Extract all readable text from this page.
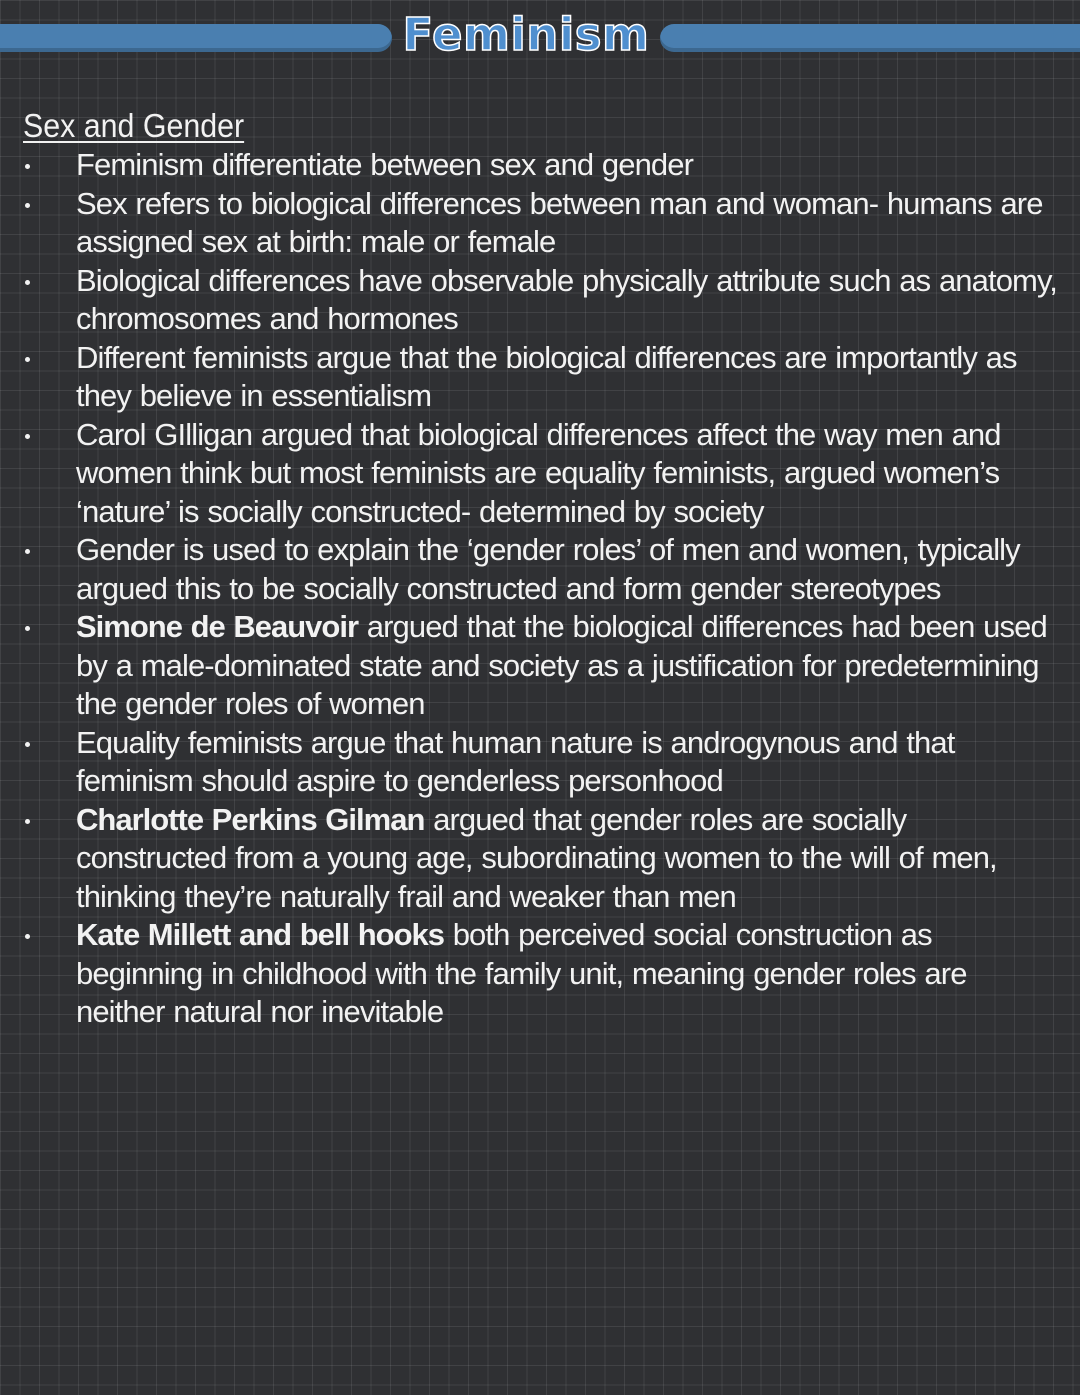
Feminism
Sex and Gender
Feminism differentiate between sex and gender
Sex refers to biological differences between man and woman- humans are assigned sex at birth: male or female
Biological differences have observable physically attribute such as anatomy, chromosomes and hormones
Different feminists argue that the biological differences are importantly as they believe in essentialism
Carol GIlligan argued that biological differences affect the way men and women think but most feminists are equality feminists, argued women’s ‘nature’ is socially constructed- determined by society
Gender is used to explain the ‘gender roles’ of men and women, typically argued this to be socially constructed and form gender stereotypes
Simone de Beauvoir argued that the biological differences had been used by a male-dominated state and society as a justification for predetermining the gender roles of women
Equality feminists argue that human nature is androgynous and that feminism should aspire to genderless personhood
Charlotte Perkins Gilman argued that gender roles are socially constructed from a young age, subordinating women to the will of men, thinking they’re naturally frail and weaker than men
Kate Millett and bell hooks both perceived social construction as beginning in childhood with the family unit, meaning gender roles are neither natural nor inevitable
